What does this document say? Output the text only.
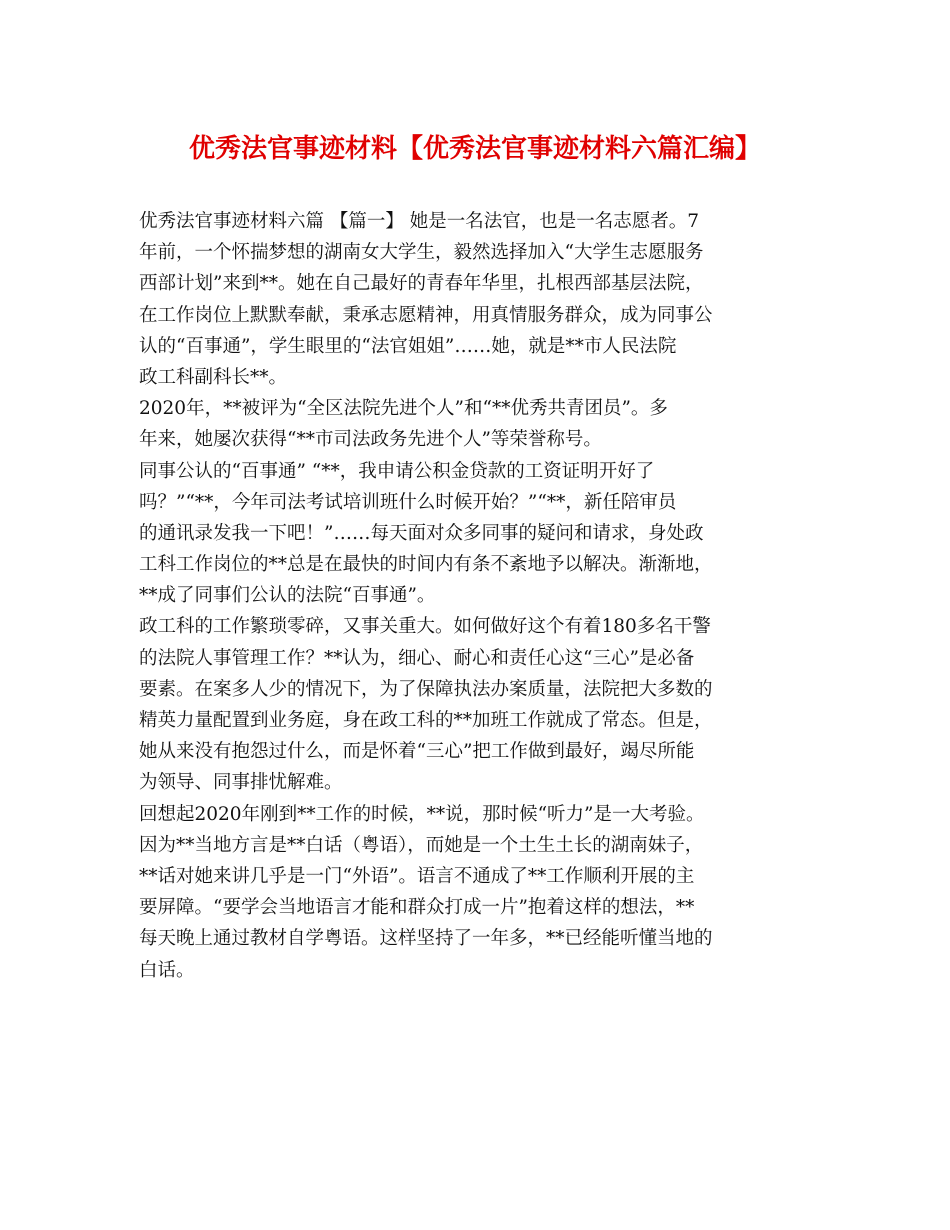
优秀法官事迹材料【优秀法官事迹材料六篇汇编】
优秀法官事迹材料六篇 【篇一】 她是一名法官，也是一名志愿者。7
年前，一个怀揣梦想的湖南女大学生，毅然选择加入“大学生志愿服务
西部计划”来到**。她在自己最好的青春年华里，扎根西部基层法院，
在工作岗位上默默奉献，秉承志愿精神，用真情服务群众，成为同事公
认的“百事通”，学生眼里的“法官姐姐”……她，就是**市人民法院
政工科副科长**。
2020年，**被评为“全区法院先进个人”和“**优秀共青团员”。多
年来，她屡次获得“**市司法政务先进个人”等荣誉称号。
同事公认的“百事通” “**，我申请公积金贷款的工资证明开好了
吗？”“**，今年司法考试培训班什么时候开始？”“**，新任陪审员
的通讯录发我一下吧！”……每天面对众多同事的疑问和请求，身处政
工科工作岗位的**总是在最快的时间内有条不紊地予以解决。渐渐地，
**成了同事们公认的法院“百事通”。
政工科的工作繁琐零碎，又事关重大。如何做好这个有着180多名干警
的法院人事管理工作？**认为，细心、耐心和责任心这“三心”是必备
要素。在案多人少的情况下，为了保障执法办案质量，法院把大多数的
精英力量配置到业务庭，身在政工科的**加班工作就成了常态。但是，
她从来没有抱怨过什么，而是怀着“三心”把工作做到最好，竭尽所能
为领导、同事排忧解难。
回想起2020年刚到**工作的时候，**说，那时候“听力”是一大考验。
因为**当地方言是**白话（粤语），而她是一个土生土长的湖南妹子，
**话对她来讲几乎是一门“外语”。语言不通成了**工作顺利开展的主
要屏障。“要学会当地语言才能和群众打成一片”抱着这样的想法，**
每天晚上通过教材自学粤语。这样坚持了一年多，**已经能听懂当地的
白话。
